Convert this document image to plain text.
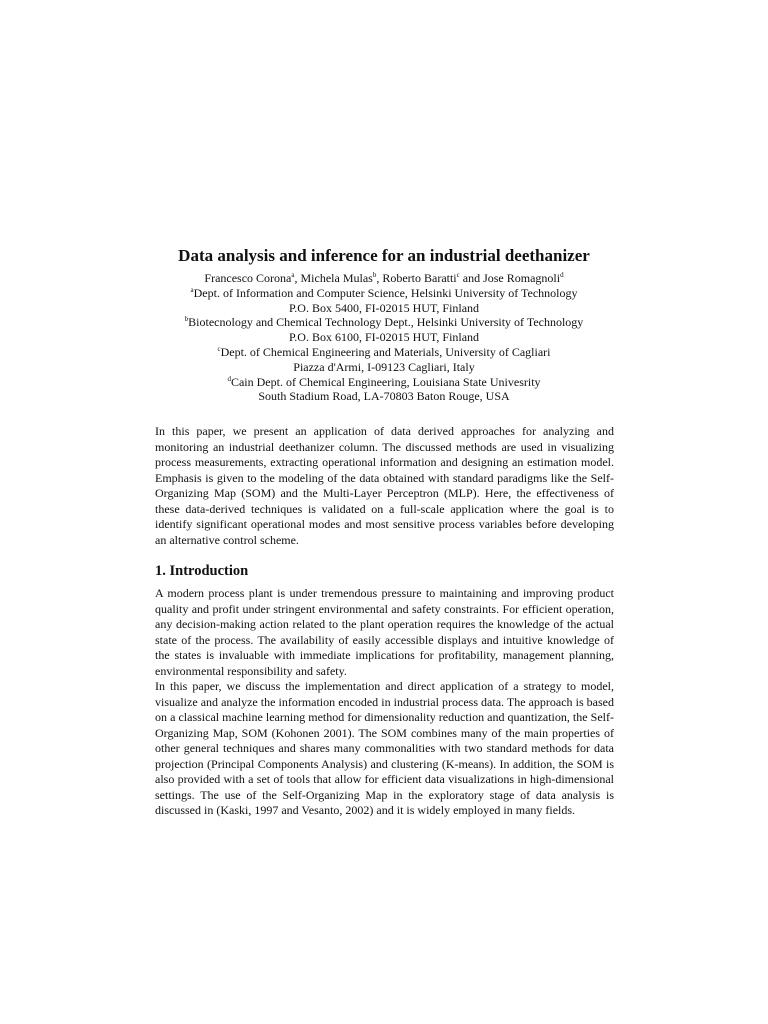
Data analysis and inference for an industrial deethanizer
Francesco Corona$^a$, Michela Mulas$^b$, Roberto Baratti$^c$ and Jose Romagnoli$^d$
$^a$Dept. of Information and Computer Science, Helsinki University of Technology
P.O. Box 5400, FI-02015 HUT, Finland
$^b$Biotecnology and Chemical Technology Dept., Helsinki University of Technology
P.O. Box 6100, FI-02015 HUT, Finland
$^c$Dept. of Chemical Engineering and Materials, University of Cagliari
Piazza d'Armi, I-09123 Cagliari, Italy
$^d$Cain Dept. of Chemical Engineering, Louisiana State Univesrity
South Stadium Road, LA-70803 Baton Rouge, USA

In this paper, we present an application of data derived approaches for analyzing and monitoring an industrial deethanizer column. The discussed methods are used in visualizing process measurements, extracting operational information and designing an estimation model. Emphasis is given to the modeling of the data obtained with standard paradigms like the Self-Organizing Map (SOM) and the Multi-Layer Perceptron (MLP). Here, the effectiveness of these data-derived techniques is validated on a full-scale application where the goal is to identify significant operational modes and most sensitive process variables before developing an alternative control scheme.

1. Introduction

A modern process plant is under tremendous pressure to maintaining and improving product quality and profit under stringent environmental and safety constraints. For efficient operation, any decision-making action related to the plant operation requires the knowledge of the actual state of the process. The availability of easily accessible displays and intuitive knowledge of the states is invaluable with immediate implications for profitability, management planning, environmental responsibility and safety.

In this paper, we discuss the implementation and direct application of a strategy to model, visualize and analyze the information encoded in industrial process data. The approach is based on a classical machine learning method for dimensionality reduction and quantization, the Self-Organizing Map, SOM (Kohonen 2001). The SOM combines many of the main properties of other general techniques and shares many commonalities with two standard methods for data projection (Principal Components Analysis) and clustering (K-means). In addition, the SOM is also provided with a set of tools that allow for efficient data visualizations in high-dimensional settings. The use of the Self-Organizing Map in the exploratory stage of data analysis is discussed in (Kaski, 1997 and Vesanto, 2002) and it is widely employed in many fields.
